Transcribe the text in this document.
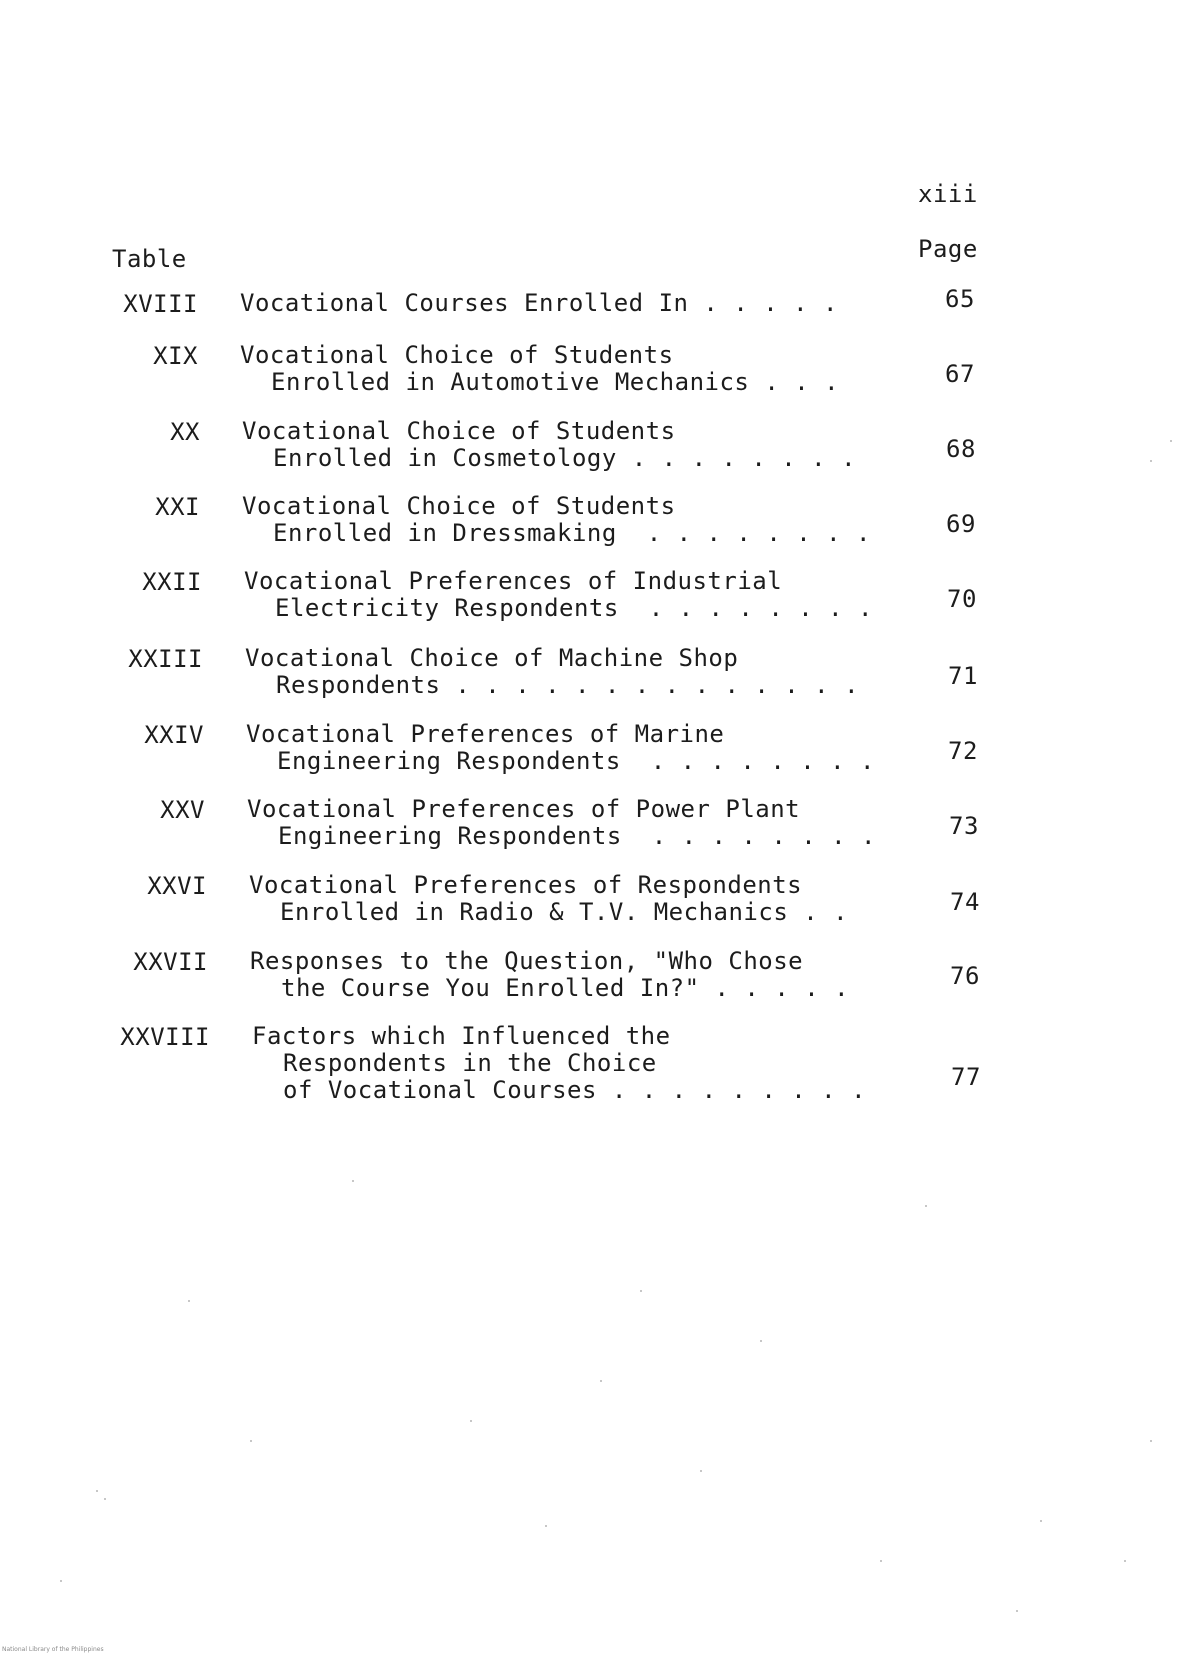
xiii
Table	Page
XVIII Vocational Courses Enrolled In . . . . .	65
XIX Vocational Choice of Students
Enrolled in Automotive Mechanics . . .	67
XX Vocational Choice of Students
Enrolled in Cosmetology . . . . . . . .	68
XXI Vocational Choice of Students
Enrolled in Dressmaking  . . . . . . . .	69
XXII Vocational Preferences of Industrial
Electricity Respondents  . . . . . . . .	70
XXIII Vocational Choice of Machine Shop
Respondents . . . . . . . . . . . . . .	71
XXIV Vocational Preferences of Marine
Engineering Respondents  . . . . . . . .	72
XXV Vocational Preferences of Power Plant
Engineering Respondents  . . . . . . . .	73
XXVI Vocational Preferences of Respondents
Enrolled in Radio & T.V. Mechanics . .	74
XXVII Responses to the Question, "Who Chose
the Course You Enrolled In?" . . . . .	76
XXVIII Factors which Influenced the
Respondents in the Choice
of Vocational Courses . . . . . . . . .	77
National Library of the Philippines
